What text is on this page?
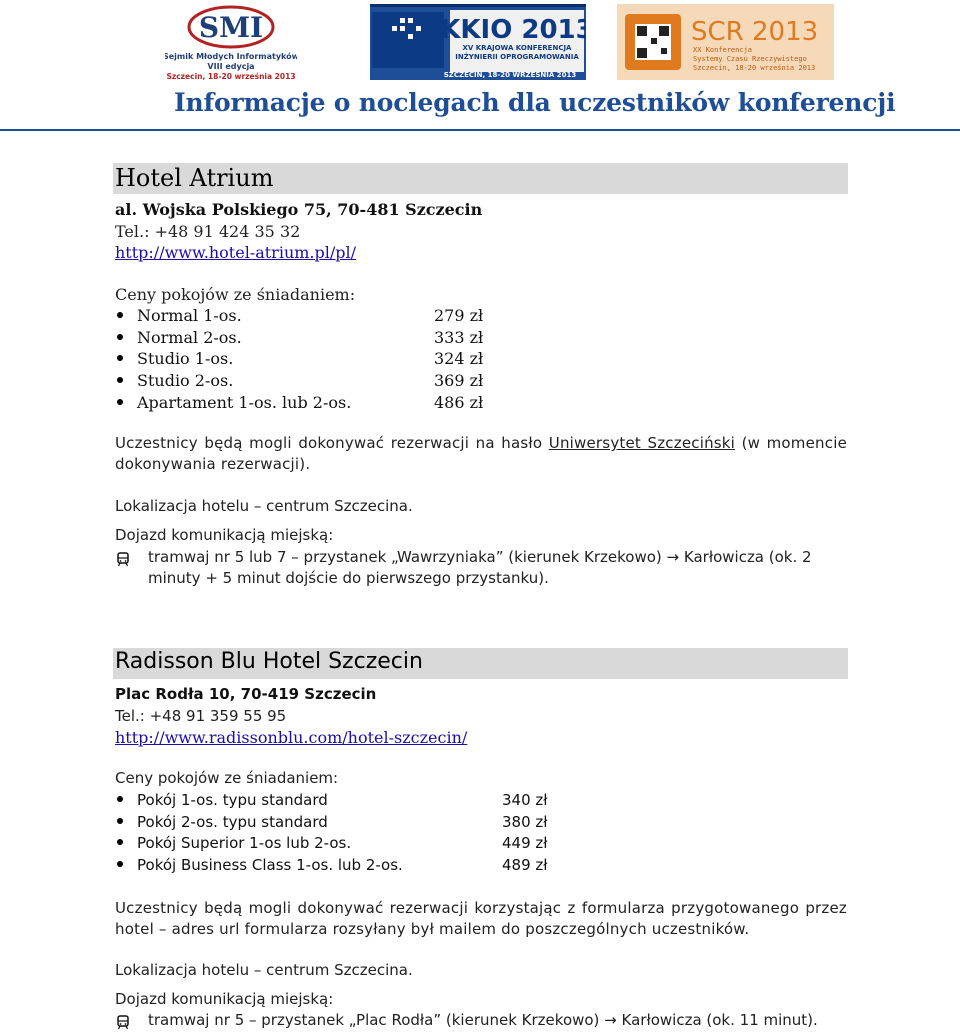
SMI
Sejmik Młodych Informatyków
VIII edycja
Szczecin, 18-20 września 2013
KKIO 2013
XV KRAJOWA KONFERENCJA
INŻYNIERII OPROGRAMOWANIA
SZCZECIN, 18-20 WRZEŚNIA 2013
SCR 2013
XX Konferencja
Systemy Czasu Rzeczywistego
Szczecin, 18-20 września 2013
Informacje o noclegach dla uczestników konferencji
Hotel Atrium
al. Wojska Polskiego 75, 70-481 Szczecin
Tel.: +48 91 424 35 32
http://www.hotel-atrium.pl/pl/
Ceny pokojów ze śniadaniem:
Normal 1-os.	279 zł
Normal 2-os.	333 zł
Studio 1-os.	324 zł
Studio 2-os.	369 zł
Apartament 1-os. lub 2-os.	486 zł
Uczestnicy będą mogli dokonywać rezerwacji na hasło Uniwersytet Szczeciński (w momencie dokonywania rezerwacji).
Lokalizacja hotelu – centrum Szczecina.
Dojazd komunikacją miejską:
tramwaj nr 5 lub 7 – przystanek „Wawrzyniaka” (kierunek Krzekowo) → Karłowicza (ok. 2 minuty + 5 minut dojście do pierwszego przystanku).
Radisson Blu Hotel Szczecin
Plac Rodła 10, 70-419 Szczecin
Tel.: +48 91 359 55 95
http://www.radissonblu.com/hotel-szczecin/
Ceny pokojów ze śniadaniem:
Pokój 1-os. typu standard	340 zł
Pokój 2-os. typu standard	380 zł
Pokój Superior 1-os lub 2-os.	449 zł
Pokój Business Class 1-os. lub 2-os.	489 zł
Uczestnicy będą mogli dokonywać rezerwacji korzystając z formularza przygotowanego przez hotel – adres url formularza rozsyłany był mailem do poszczególnych uczestników.
Lokalizacja hotelu – centrum Szczecina.
Dojazd komunikacją miejską:
tramwaj nr 5 – przystanek „Plac Rodła” (kierunek Krzekowo) → Karłowicza (ok. 11 minut).
